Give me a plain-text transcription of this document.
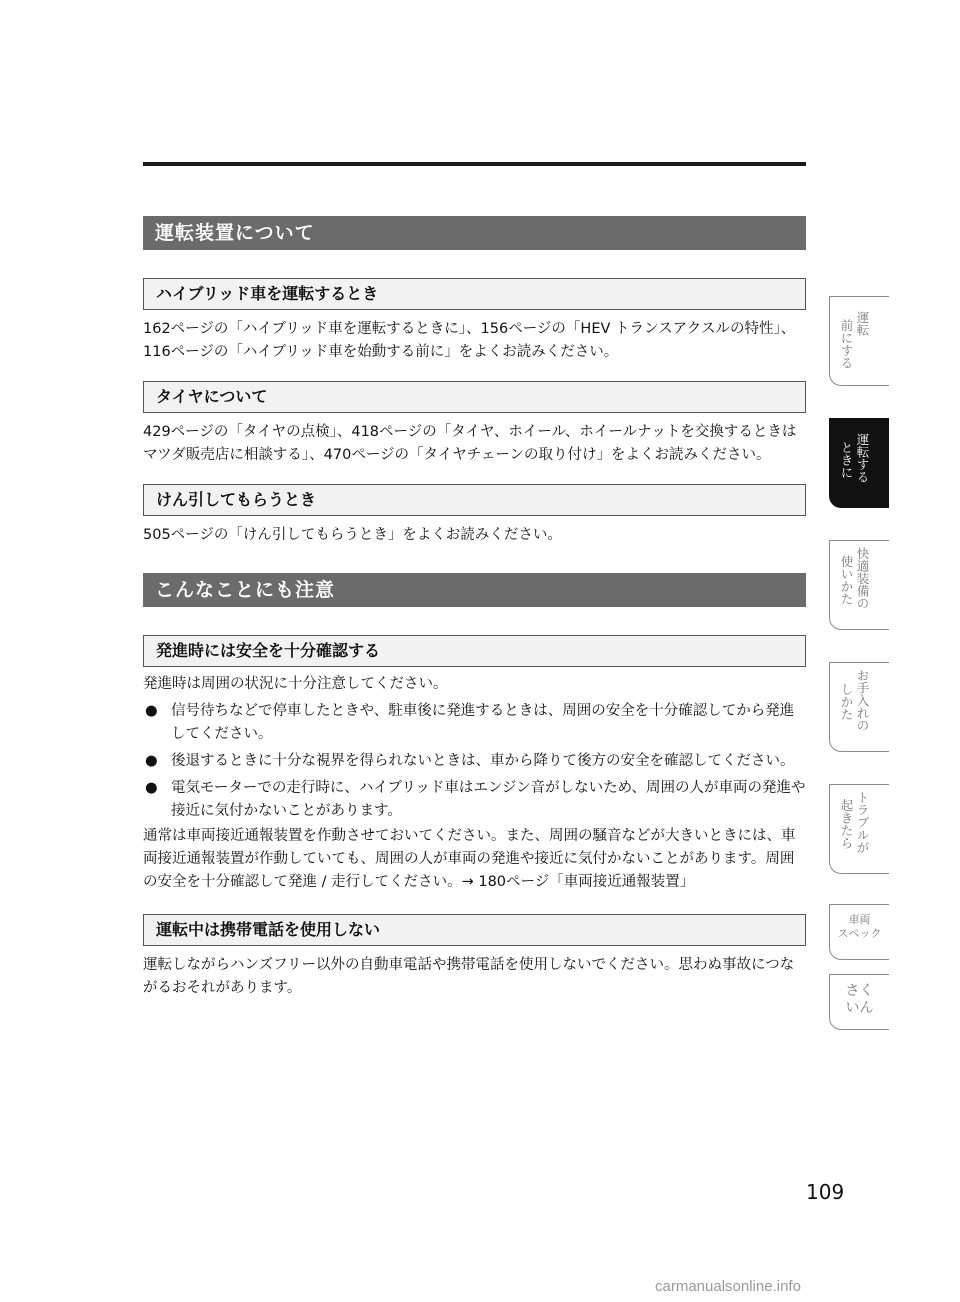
運転装置について
ハイブリッド車を運転するとき

162ページの「ハイブリッド車を運転するときに」、156ページの「HEV トランスアクスルの特性」、116ページの「ハイブリッド車を始動する前に」をよくお読みください。

タイヤについて

429ページの「タイヤの点検」、418ページの「タイヤ、ホイール、ホイールナットを交換するときはマツダ販売店に相談する」、470ページの「タイヤチェーンの取り付け」をよくお読みください。

けん引してもらうとき

505ページの「けん引してもらうとき」をよくお読みください。

こんなことにも注意
発進時には安全を十分確認する

発進時は周囲の状況に十分注意してください。

● 信号待ちなどで停車したときや、駐車後に発進するときは、周囲の安全を十分確認してから発進してください。
● 後退するときに十分な視界を得られないときは、車から降りて後方の安全を確認してください。
● 電気モーターでの走行時に、ハイブリッド車はエンジン音がしないため、周囲の人が車両の発進や接近に気付かないことがあります。

通常は車両接近通報装置を作動させておいてください。また、周囲の騒音などが大きいときには、車両接近通報装置が作動していても、周囲の人が車両の発進や接近に気付かないことがあります。周囲の安全を十分確認して発進 / 走行してください。→ 180ページ「車両接近通報装置」

運転中は携帯電話を使用しない

運転しながらハンズフリー以外の自動車電話や携帯電話を使用しないでください。思わぬ事故につながるおそれがあります。

運転
前にする
運転する
ときに
快適装備の
使いかた
お手入れの
しかた
トラブルが
起きたら
車両
スペック
さく
いん
109
carmanualsonline.info
